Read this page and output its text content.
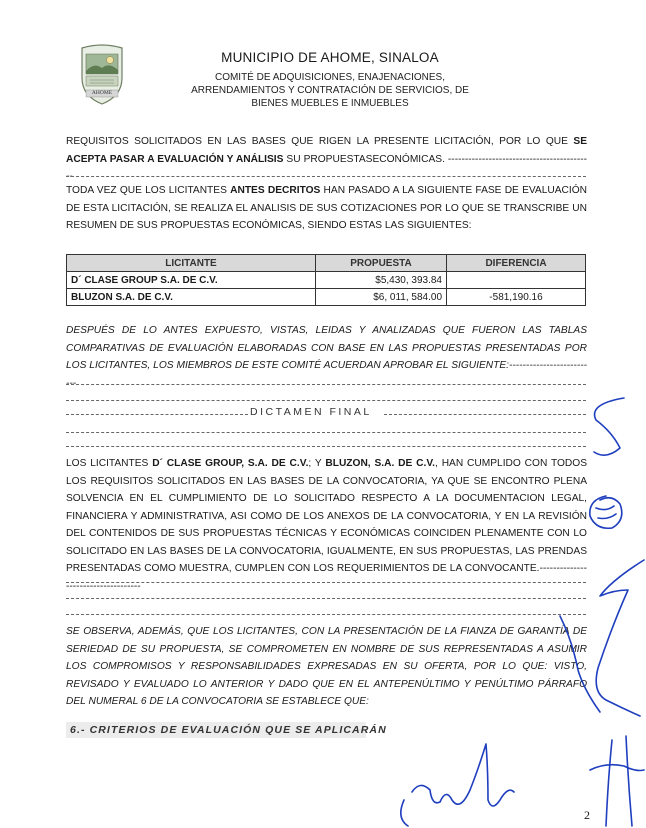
AHOME
MUNICIPIO DE AHOME, SINALOA
COMITÉ DE ADQUISICIONES, ENAJENACIONES,
ARRENDAMIENTOS Y CONTRATACIÓN DE SERVICIOS, DE
BIENES MUEBLES E INMUEBLES
REQUISITOS SOLICITADOS EN LAS BASES QUE RIGEN LA PRESENTE LICITACIÓN, POR LO QUE SE ACEPTA PASAR A EVALUACIÓN Y ANÁLISIS SU PROPUESTASECONÓMICAS. -------------------------------------------
TODA VEZ QUE LOS LICITANTES ANTES DECRITOS HAN PASADO A LA SIGUIENTE FASE DE EVALUACIÓN DE ESTA LICITACIÓN, SE REALIZA EL ANALISIS DE SUS COTIZACIONES POR LO QUE SE TRANSCRIBE UN RESUMEN DE SUS PROPUESTAS ECONÓMICAS, SIENDO ESTAS LAS SIGUIENTES:
LICITANTE	PROPUESTA	DIFERENCIA
D´ CLASE GROUP S.A. DE C.V.	$5,430, 393.84	
BLUZON S.A. DE C.V.	$6, 011, 584.00	-581,190.16
DESPUÉS DE LO ANTES EXPUESTO, VISTAS, LEIDAS Y ANALIZADAS QUE FUERON LAS TABLAS COMPARATIVAS DE EVALUACIÓN ELABORADAS CON BASE EN LAS PROPUESTAS PRESENTADAS POR LOS LICITANTES, LOS MIEMBROS DE ESTE COMITÉ ACUERDAN APROBAR EL SIGUIENTE:--------------------------
DICTAMEN FINAL
LOS LICITANTES D´ CLASE GROUP, S.A. DE C.V.; Y BLUZON, S.A. DE C.V., HAN CUMPLIDO CON TODOS LOS REQUISITOS SOLICITADOS EN LAS BASES DE LA CONVOCATORIA, YA QUE SE ENCONTRO PLENA SOLVENCIA EN EL CUMPLIMIENTO DE LO SOLICITADO RESPECTO A LA DOCUMENTACION LEGAL, FINANCIERA Y ADMINISTRATIVA, ASI COMO DE LOS ANEXOS DE LA CONVOCATORIA, Y EN LA REVISIÓN DEL CONTENIDOS DE SUS PROPUESTAS TÉCNICAS Y ECONÓMICAS COINCIDEN PLENAMENTE CON LO SOLICITADO EN LAS BASES DE LA CONVOCATORIA, IGUALMENTE, EN SUS PROPUESTAS, LAS PRENDAS PRESENTADAS COMO MUESTRA, CUMPLEN CON LOS REQUERIMIENTOS DE LA CONVOCANTE.------------------------------------
SE OBSERVA, ADEMÁS, QUE LOS LICITANTES, CON LA PRESENTACIÓN DE LA FIANZA DE GARANTÍA DE SERIEDAD DE SU PROPUESTA, SE COMPROMETEN EN NOMBRE DE SUS REPRESENTADAS A ASUMIR LOS COMPROMISOS Y RESPONSABILIDADES EXPRESADAS EN SU OFERTA, POR LO QUE: VISTO, REVISADO Y EVALUADO LO ANTERIOR Y DADO QUE EN EL ANTEPENÚLTIMO Y PENÚLTIMO PÁRRAFO DEL NUMERAL 6 DE LA CONVOCATORIA SE ESTABLECE QUE:
6.- CRITERIOS DE EVALUACIÓN QUE SE APLICARÁN
2
